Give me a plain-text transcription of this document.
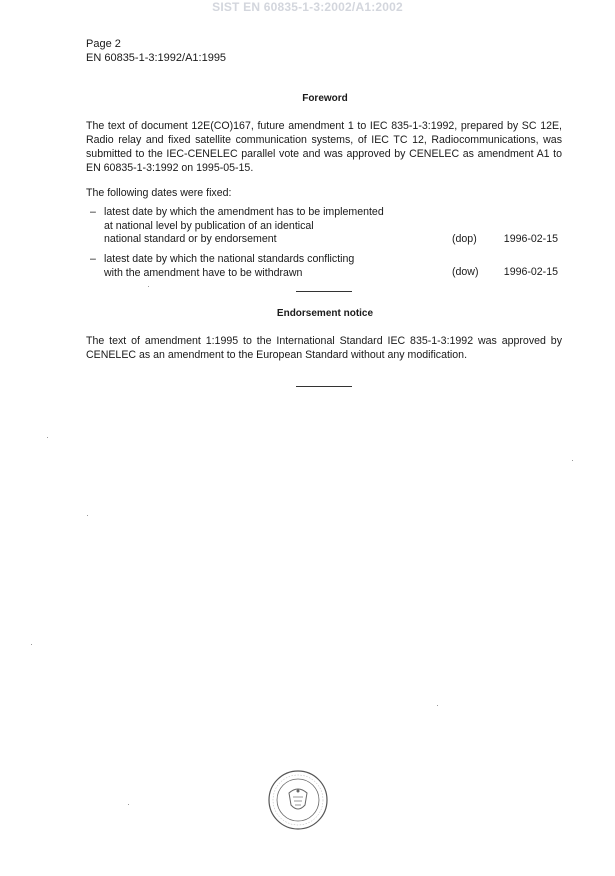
SIST EN 60835-1-3:2002/A1:2002
Page 2
EN 60835-1-3:1992/A1:1995
Foreword
The text of document 12E(CO)167, future amendment 1 to IEC 835-1-3:1992, prepared by SC 12E, Radio relay and fixed satellite communication systems, of IEC TC 12, Radiocommunications, was submitted to the IEC-CENELEC parallel vote and was approved by CENELEC as amendment A1 to EN 60835-1-3:1992 on 1995-05-15.
The following dates were fixed:
– latest date by which the amendment has to be implemented
at national level by publication of an identical
national standard or by endorsement	(dop)	1996-02-15
– latest date by which the national standards conflicting
with the amendment have to be withdrawn	(dow)	1996-02-15
Endorsement notice
The text of amendment 1:1995 to the International Standard IEC 835-1-3:1992 was approved by CENELEC as an amendment to the European Standard without any modification.
